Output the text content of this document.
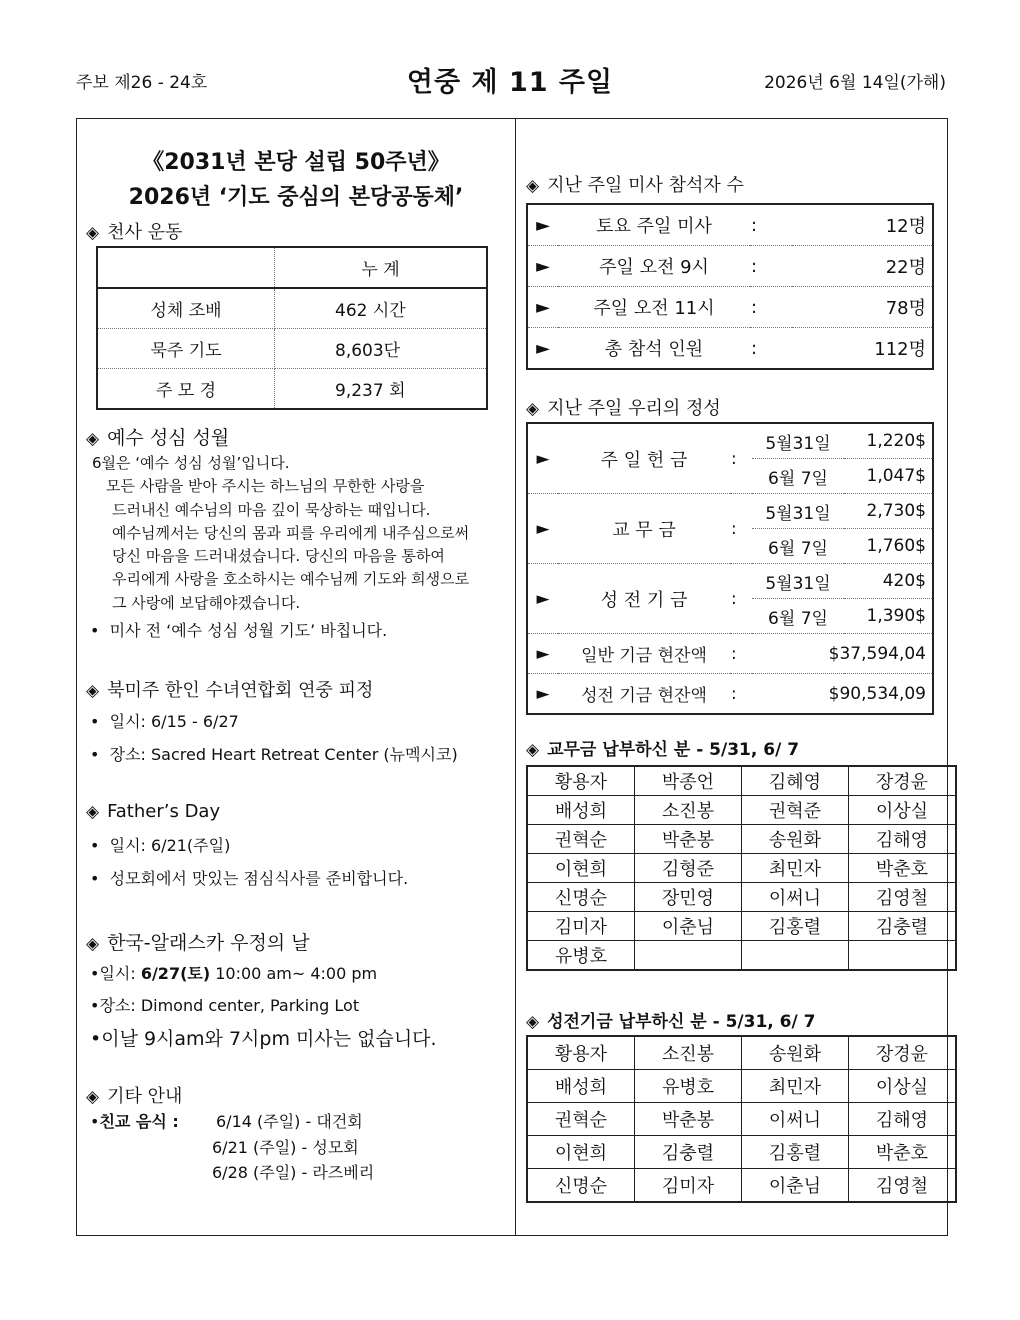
주보 제26 - 24호	연중 제 11 주일	2026년 6월 14일(가해)
《2031년 본당 설립 50주년》
2026년 ‘기도 중심의 본당공동체’
◈ 천사 운동
	누 계
성체 조배	462 시간
묵주 기도	8,603단
주 모 경	9,237 회
◈ 예수 성심 성월
6월은 ‘예수 성심 성월’입니다.
모든 사람을 받아 주시는 하느님의 무한한 사랑을
드러내신 예수님의 마음 깊이 묵상하는 때입니다.
예수님께서는 당신의 몸과 피를 우리에게 내주심으로써
당신 마음을 드러내셨습니다. 당신의 마음을 통하여
우리에게 사랑을 호소하시는 예수님께 기도와 희생으로
그 사랑에 보답해야겠습니다.
•  미사 전 ‘예수 성심 성월 기도’ 바칩니다.
◈ 북미주 한인 수녀연합회 연중 피정
•  일시: 6/15 - 6/27
•  장소: Sacred Heart Retreat Center (뉴멕시코)
◈ Father’s Day
•  일시: 6/21(주일)
•  성모회에서 맛있는 점심식사를 준비합니다.
◈ 한국-알래스카 우정의 날
•일시: 6/27(토) 10:00 am~ 4:00 pm
•장소: Dimond center, Parking Lot
•이날 9시am와 7시pm 미사는 없습니다.
◈ 기타 안내
•친교 음식 : 6/14 (주일) - 대건회
6/21 (주일) - 성모회
6/28 (주일) - 라즈베리
◈ 지난 주일 미사 참석자 수
►	토요 주일 미사	:	12명
►	주일 오전 9시	:	22명
►	주일 오전 11시	:	78명
►	총 참석 인원	:	112명
◈ 지난 주일 우리의 정성
►	주 일 헌 금	:	5월31일	1,220$
			6월 7일	1,047$
►	교 무 금	:	5월31일	2,730$
			6월 7일	1,760$
►	성 전 기 금	:	5월31일	420$
			6월 7일	1,390$
►	일반 기금 현잔액	:	$37,594,04	
►	성전 기금 현잔액	:	$90,534,09	
◈ 교무금 납부하신 분 - 5/31, 6/ 7
황용자	박종언	김혜영	장경윤
배성희	소진봉	권혁준	이상실
권혁순	박춘봉	송원화	김해영
이현희	김형준	최민자	박춘호
신명순	장민영	이써니	김영철
김미자	이춘님	김홍렬	김충렬
유병호			
◈ 성전기금 납부하신 분 - 5/31, 6/ 7
황용자	소진봉	송원화	장경윤
배성희	유병호	최민자	이상실
권혁순	박춘봉	이써니	김해영
이현희	김충렬	김홍렬	박춘호
신명순	김미자	이춘님	김영철
